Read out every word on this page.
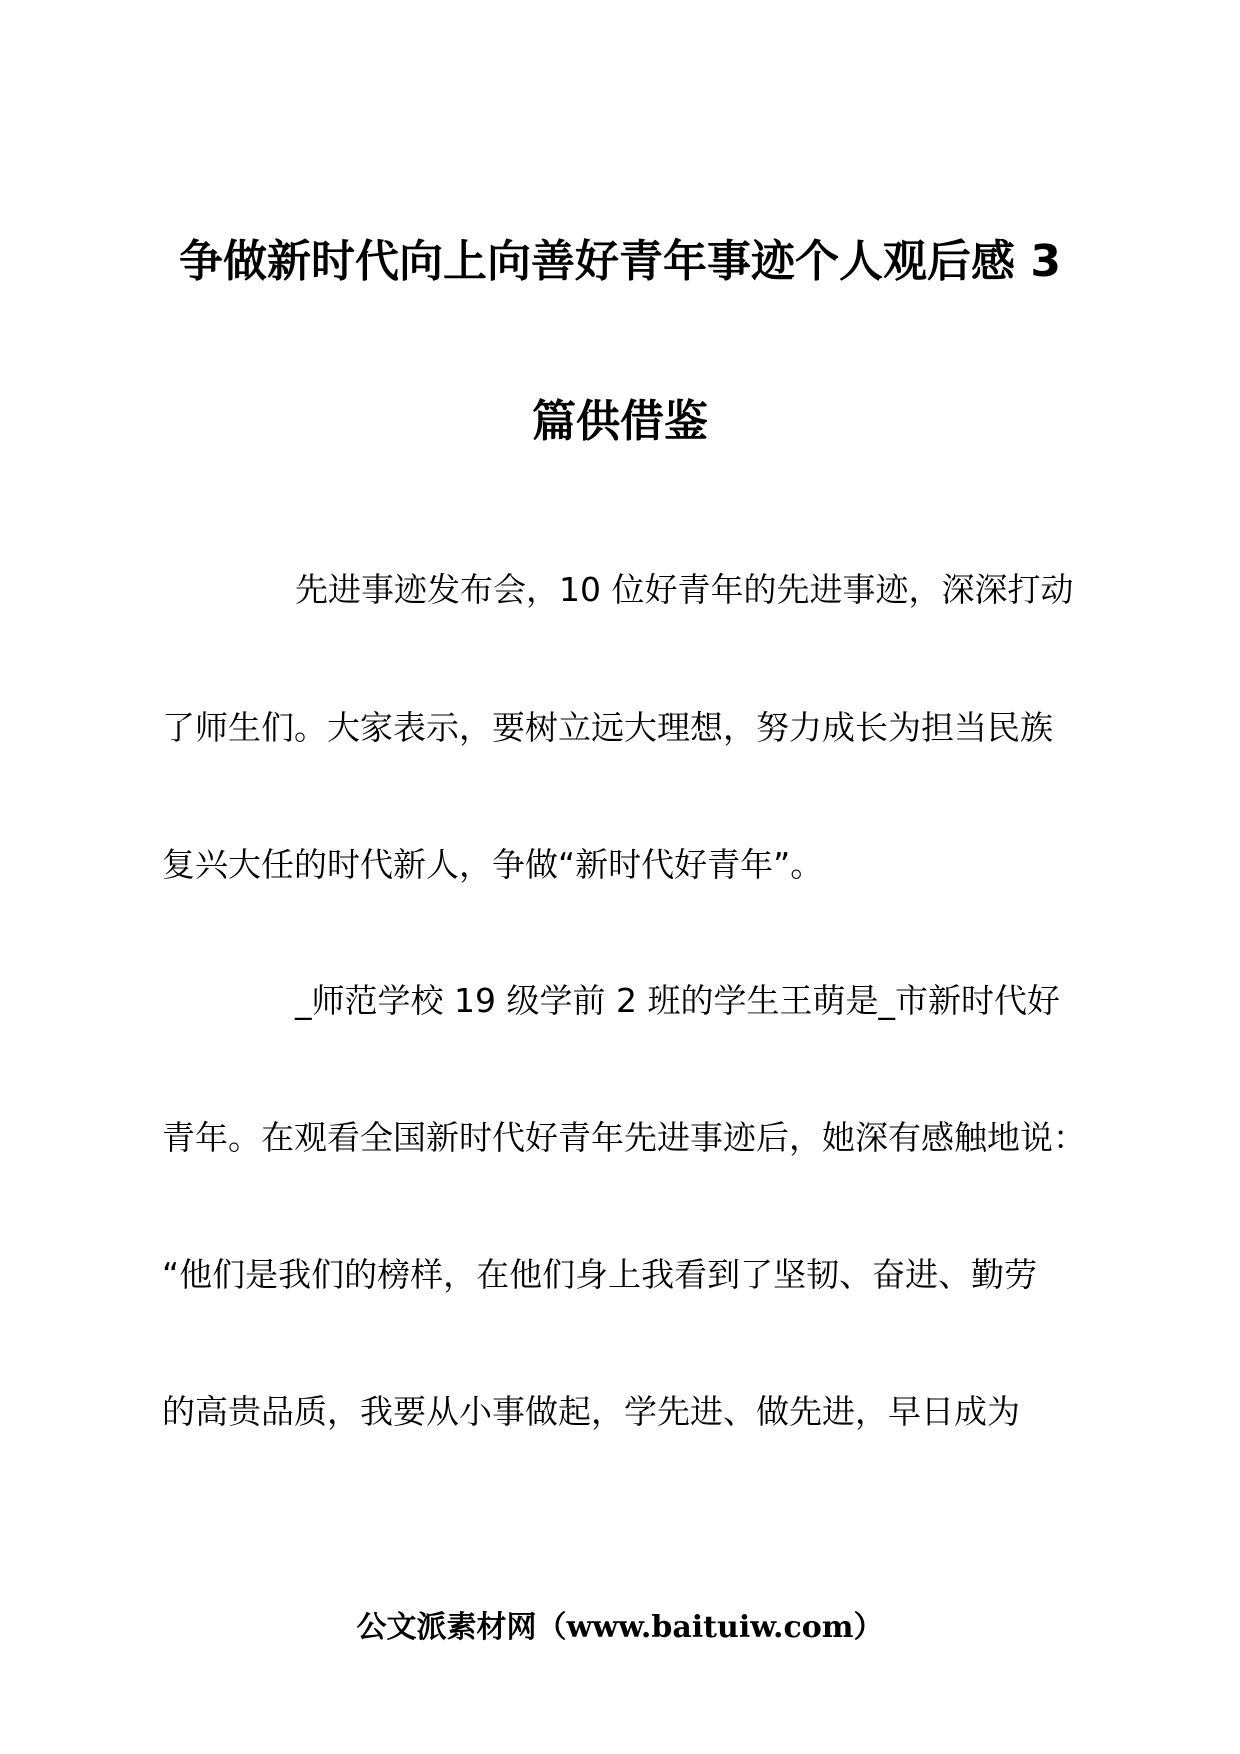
争做新时代向上向善好青年事迹个人观后感 3
篇供借鉴
先进事迹发布会，10 位好青年的先进事迹，深深打动
了师生们。大家表示，要树立远大理想，努力成长为担当民族
复兴大任的时代新人，争做“新时代好青年”。
_师范学校 19 级学前 2 班的学生王萌是_市新时代好
青年。在观看全国新时代好青年先进事迹后，她深有感触地说：
“他们是我们的榜样，在他们身上我看到了坚韧、奋进、勤劳
的高贵品质，我要从小事做起，学先进、做先进，早日成为
公文派素材网（www.baituiw.com）
